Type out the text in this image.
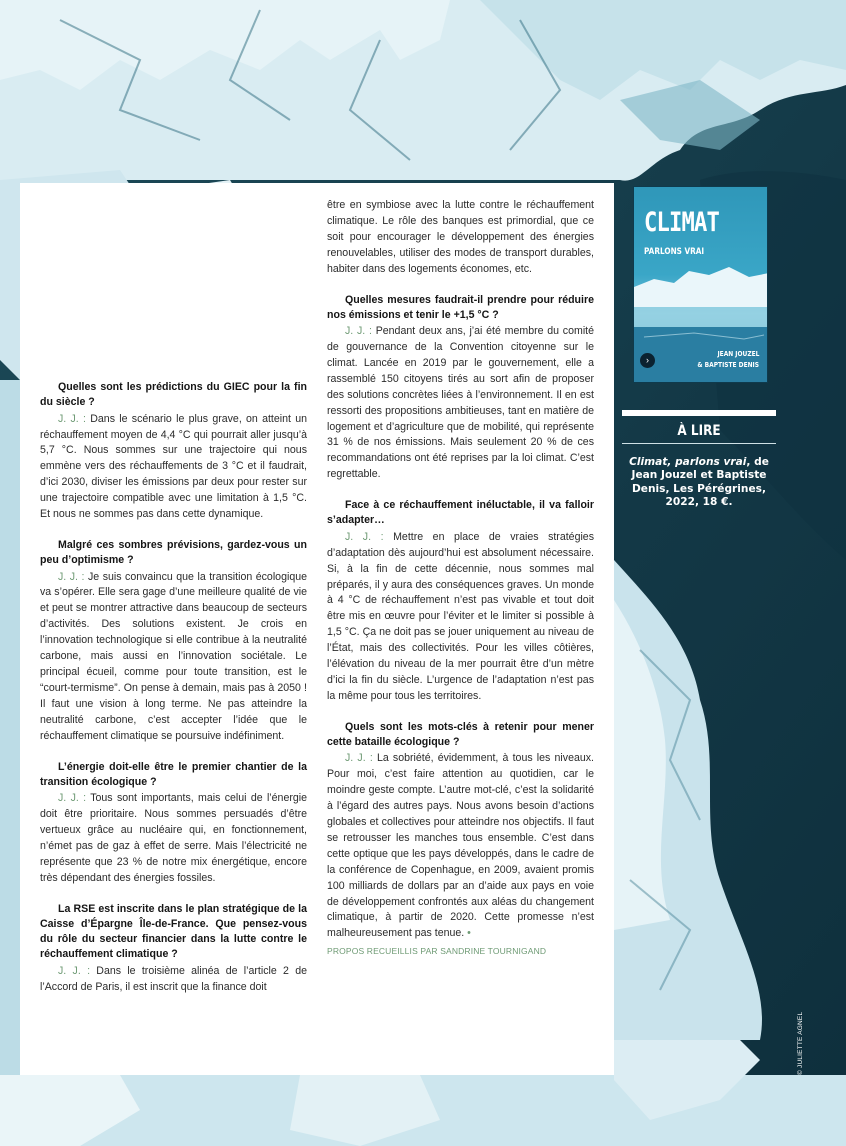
Quelles sont les prédictions du GIEC pour la fin du siècle ?

J. J. : Dans le scénario le plus grave, on atteint un réchauffement moyen de 4,4 °C qui pourrait aller jusqu’à 5,7 °C. Nous sommes sur une trajectoire qui nous emmène vers des réchauffements de 3 °C et il faudrait, d’ici 2030, diviser les émissions par deux pour rester sur une trajectoire compatible avec une limitation à 1,5 °C. Et nous ne sommes pas dans cette dynamique.

Malgré ces sombres prévisions, gardez-vous un peu d’optimisme ?

J. J. : Je suis convaincu que la transition écologique va s’opérer. Elle sera gage d’une meilleure qualité de vie et peut se montrer attractive dans beaucoup de secteurs d’activités. Des solutions existent. Je crois en l’innovation technologique si elle contribue à la neutralité carbone, mais aussi en l’innovation sociétale. Le principal écueil, comme pour toute transition, est le “court-termisme”. On pense à demain, mais pas à 2050 ! Il faut une vision à long terme. Ne pas atteindre la neutralité carbone, c’est accepter l’idée que le réchauffement climatique se poursuive indéfiniment.

L’énergie doit-elle être le premier chantier de la transition écologique ?

J. J. : Tous sont importants, mais celui de l’énergie doit être prioritaire. Nous sommes persuadés d’être vertueux grâce au nucléaire qui, en fonctionnement, n’émet pas de gaz à effet de serre. Mais l’électricité ne représente que 23 % de notre mix énergétique, encore très dépendant des énergies fossiles.

La RSE est inscrite dans le plan stratégique de la Caisse d’Épargne Île-de-France. Que pensez-vous du rôle du secteur financier dans la lutte contre le réchauffement climatique ?

J. J. : Dans le troisième alinéa de l’article 2 de l’Accord de Paris, il est inscrit que la finance doit

être en symbiose avec la lutte contre le réchauffement climatique. Le rôle des banques est primordial, que ce soit pour encourager le développement des énergies renouvelables, utiliser des modes de transport durables, habiter dans des logements économes, etc.

Quelles mesures faudrait-il prendre pour réduire nos émissions et tenir le +1,5 °C ?

J. J. : Pendant deux ans, j’ai été membre du comité de gouvernance de la Convention citoyenne sur le climat. Lancée en 2019 par le gouvernement, elle a rassemblé 150 citoyens tirés au sort afin de proposer des solutions concrètes liées à l’environnement. Il en est ressorti des propositions ambitieuses, tant en matière de logement et d’agriculture que de mobilité, qui représente 31 % de nos émissions. Mais seulement 20 % de ces recommandations ont été reprises par la loi climat. C’est regrettable.

Face à ce réchauffement inéluctable, il va falloir s’adapter…

J. J. : Mettre en place de vraies stratégies d’adaptation dès aujourd’hui est absolument nécessaire. Si, à la fin de cette décennie, nous sommes mal préparés, il y aura des conséquences graves. Un monde à 4 °C de réchauffement n’est pas vivable et tout doit être mis en œuvre pour l’éviter et le limiter si possible à 1,5 °C. Ça ne doit pas se jouer uniquement au niveau de l’État, mais des collectivités. Pour les villes côtières, l’élévation du niveau de la mer pourrait être d’un mètre d’ici la fin du siècle. L’urgence de l’adaptation n’est pas la même pour tous les territoires.

Quels sont les mots-clés à retenir pour mener cette bataille écologique ?

J. J. : La sobriété, évidemment, à tous les niveaux. Pour moi, c’est faire attention au quotidien, car le moindre geste compte. L’autre mot-clé, c’est la solidarité à l’égard des autres pays. Nous avons besoin d’actions globales et collectives pour atteindre nos objectifs. Il faut se retrousser les manches tous ensemble. C’est dans cette optique que les pays développés, dans le cadre de la conférence de Copenhague, en 2009, avaient promis 100 milliards de dollars par an d’aide aux pays en voie de développement confrontés aux aléas du changement climatique, à partir de 2020. Cette promesse n’est malheureusement pas tenue. •

PROPOS RECUEILLIS PAR SANDRINE TOURNIGAND

CLIMAT
PARLONS VRAI
›
JEAN JOUZEL
& BAPTISTE DENIS
À LIRE
Climat, parlons vrai, de Jean Jouzel et Baptiste Denis, Les Pérégrines, 2022, 18 €.
© JULIETTE AGNEL
